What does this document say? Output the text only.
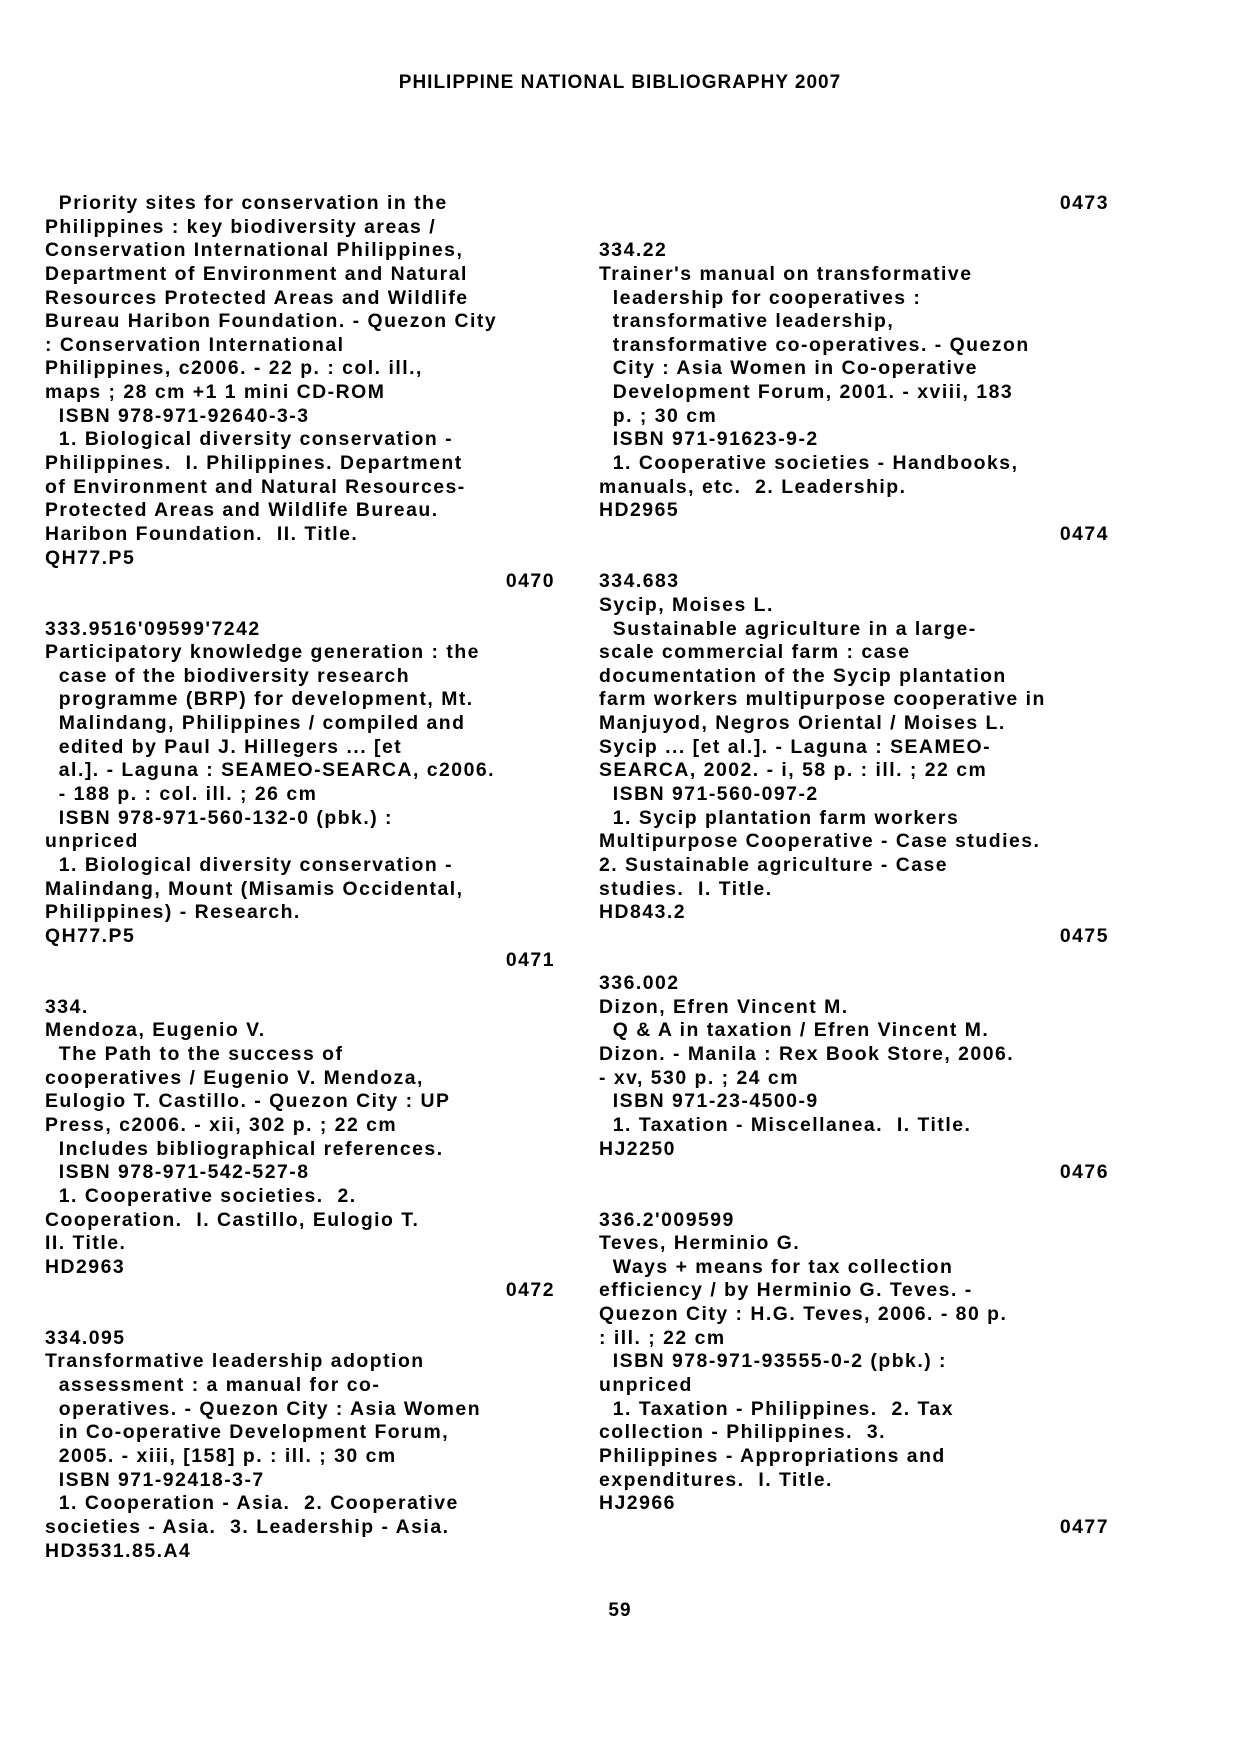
PHILIPPINE NATIONAL BIBLIOGRAPHY 2007
Priority sites for conservation in the
Philippines : key biodiversity areas /
Conservation International Philippines,
Department of Environment and Natural
Resources Protected Areas and Wildlife
Bureau Haribon Foundation. - Quezon City
: Conservation International
Philippines, c2006. - 22 p. : col. ill.,
maps ; 28 cm +1 1 mini CD-ROM
ISBN 978-971-92640-3-3
1. Biological diversity conservation -
Philippines.  I. Philippines. Department
of Environment and Natural Resources-
Protected Areas and Wildlife Bureau.
Haribon Foundation.  II. Title.
QH77.P5
0470
333.9516'09599'7242
Participatory knowledge generation : the
case of the biodiversity research
programme (BRP) for development, Mt.
Malindang, Philippines / compiled and
edited by Paul J. Hillegers ... [et
al.]. - Laguna : SEAMEO-SEARCA, c2006.
- 188 p. : col. ill. ; 26 cm
ISBN 978-971-560-132-0 (pbk.) :
unpriced
1. Biological diversity conservation -
Malindang, Mount (Misamis Occidental,
Philippines) - Research.
QH77.P5
0471
334.
Mendoza, Eugenio V.
The Path to the success of
cooperatives / Eugenio V. Mendoza,
Eulogio T. Castillo. - Quezon City : UP
Press, c2006. - xii, 302 p. ; 22 cm
Includes bibliographical references.
ISBN 978-971-542-527-8
1. Cooperative societies.  2.
Cooperation.  I. Castillo, Eulogio T.
II. Title.
HD2963
0472
334.095
Transformative leadership adoption
assessment : a manual for co-
operatives. - Quezon City : Asia Women
in Co-operative Development Forum,
2005. - xiii, [158] p. : ill. ; 30 cm
ISBN 971-92418-3-7
1. Cooperation - Asia.  2. Cooperative
societies - Asia.  3. Leadership - Asia.
HD3531.85.A4
0473
334.22
Trainer's manual on transformative
leadership for cooperatives :
transformative leadership,
transformative co-operatives. - Quezon
City : Asia Women in Co-operative
Development Forum, 2001. - xviii, 183
p. ; 30 cm
ISBN 971-91623-9-2
1. Cooperative societies - Handbooks,
manuals, etc.  2. Leadership.
HD2965
0474
334.683
Sycip, Moises L.
Sustainable agriculture in a large-
scale commercial farm : case
documentation of the Sycip plantation
farm workers multipurpose cooperative in
Manjuyod, Negros Oriental / Moises L.
Sycip ... [et al.]. - Laguna : SEAMEO-
SEARCA, 2002. - i, 58 p. : ill. ; 22 cm
ISBN 971-560-097-2
1. Sycip plantation farm workers
Multipurpose Cooperative - Case studies.
2. Sustainable agriculture - Case
studies.  I. Title.
HD843.2
0475
336.002
Dizon, Efren Vincent M.
Q & A in taxation / Efren Vincent M.
Dizon. - Manila : Rex Book Store, 2006.
- xv, 530 p. ; 24 cm
ISBN 971-23-4500-9
1. Taxation - Miscellanea.  I. Title.
HJ2250
0476
336.2'009599
Teves, Herminio G.
Ways + means for tax collection
efficiency / by Herminio G. Teves. -
Quezon City : H.G. Teves, 2006. - 80 p.
: ill. ; 22 cm
ISBN 978-971-93555-0-2 (pbk.) :
unpriced
1. Taxation - Philippines.  2. Tax
collection - Philippines.  3.
Philippines - Appropriations and
expenditures.  I. Title.
HJ2966
0477
59
